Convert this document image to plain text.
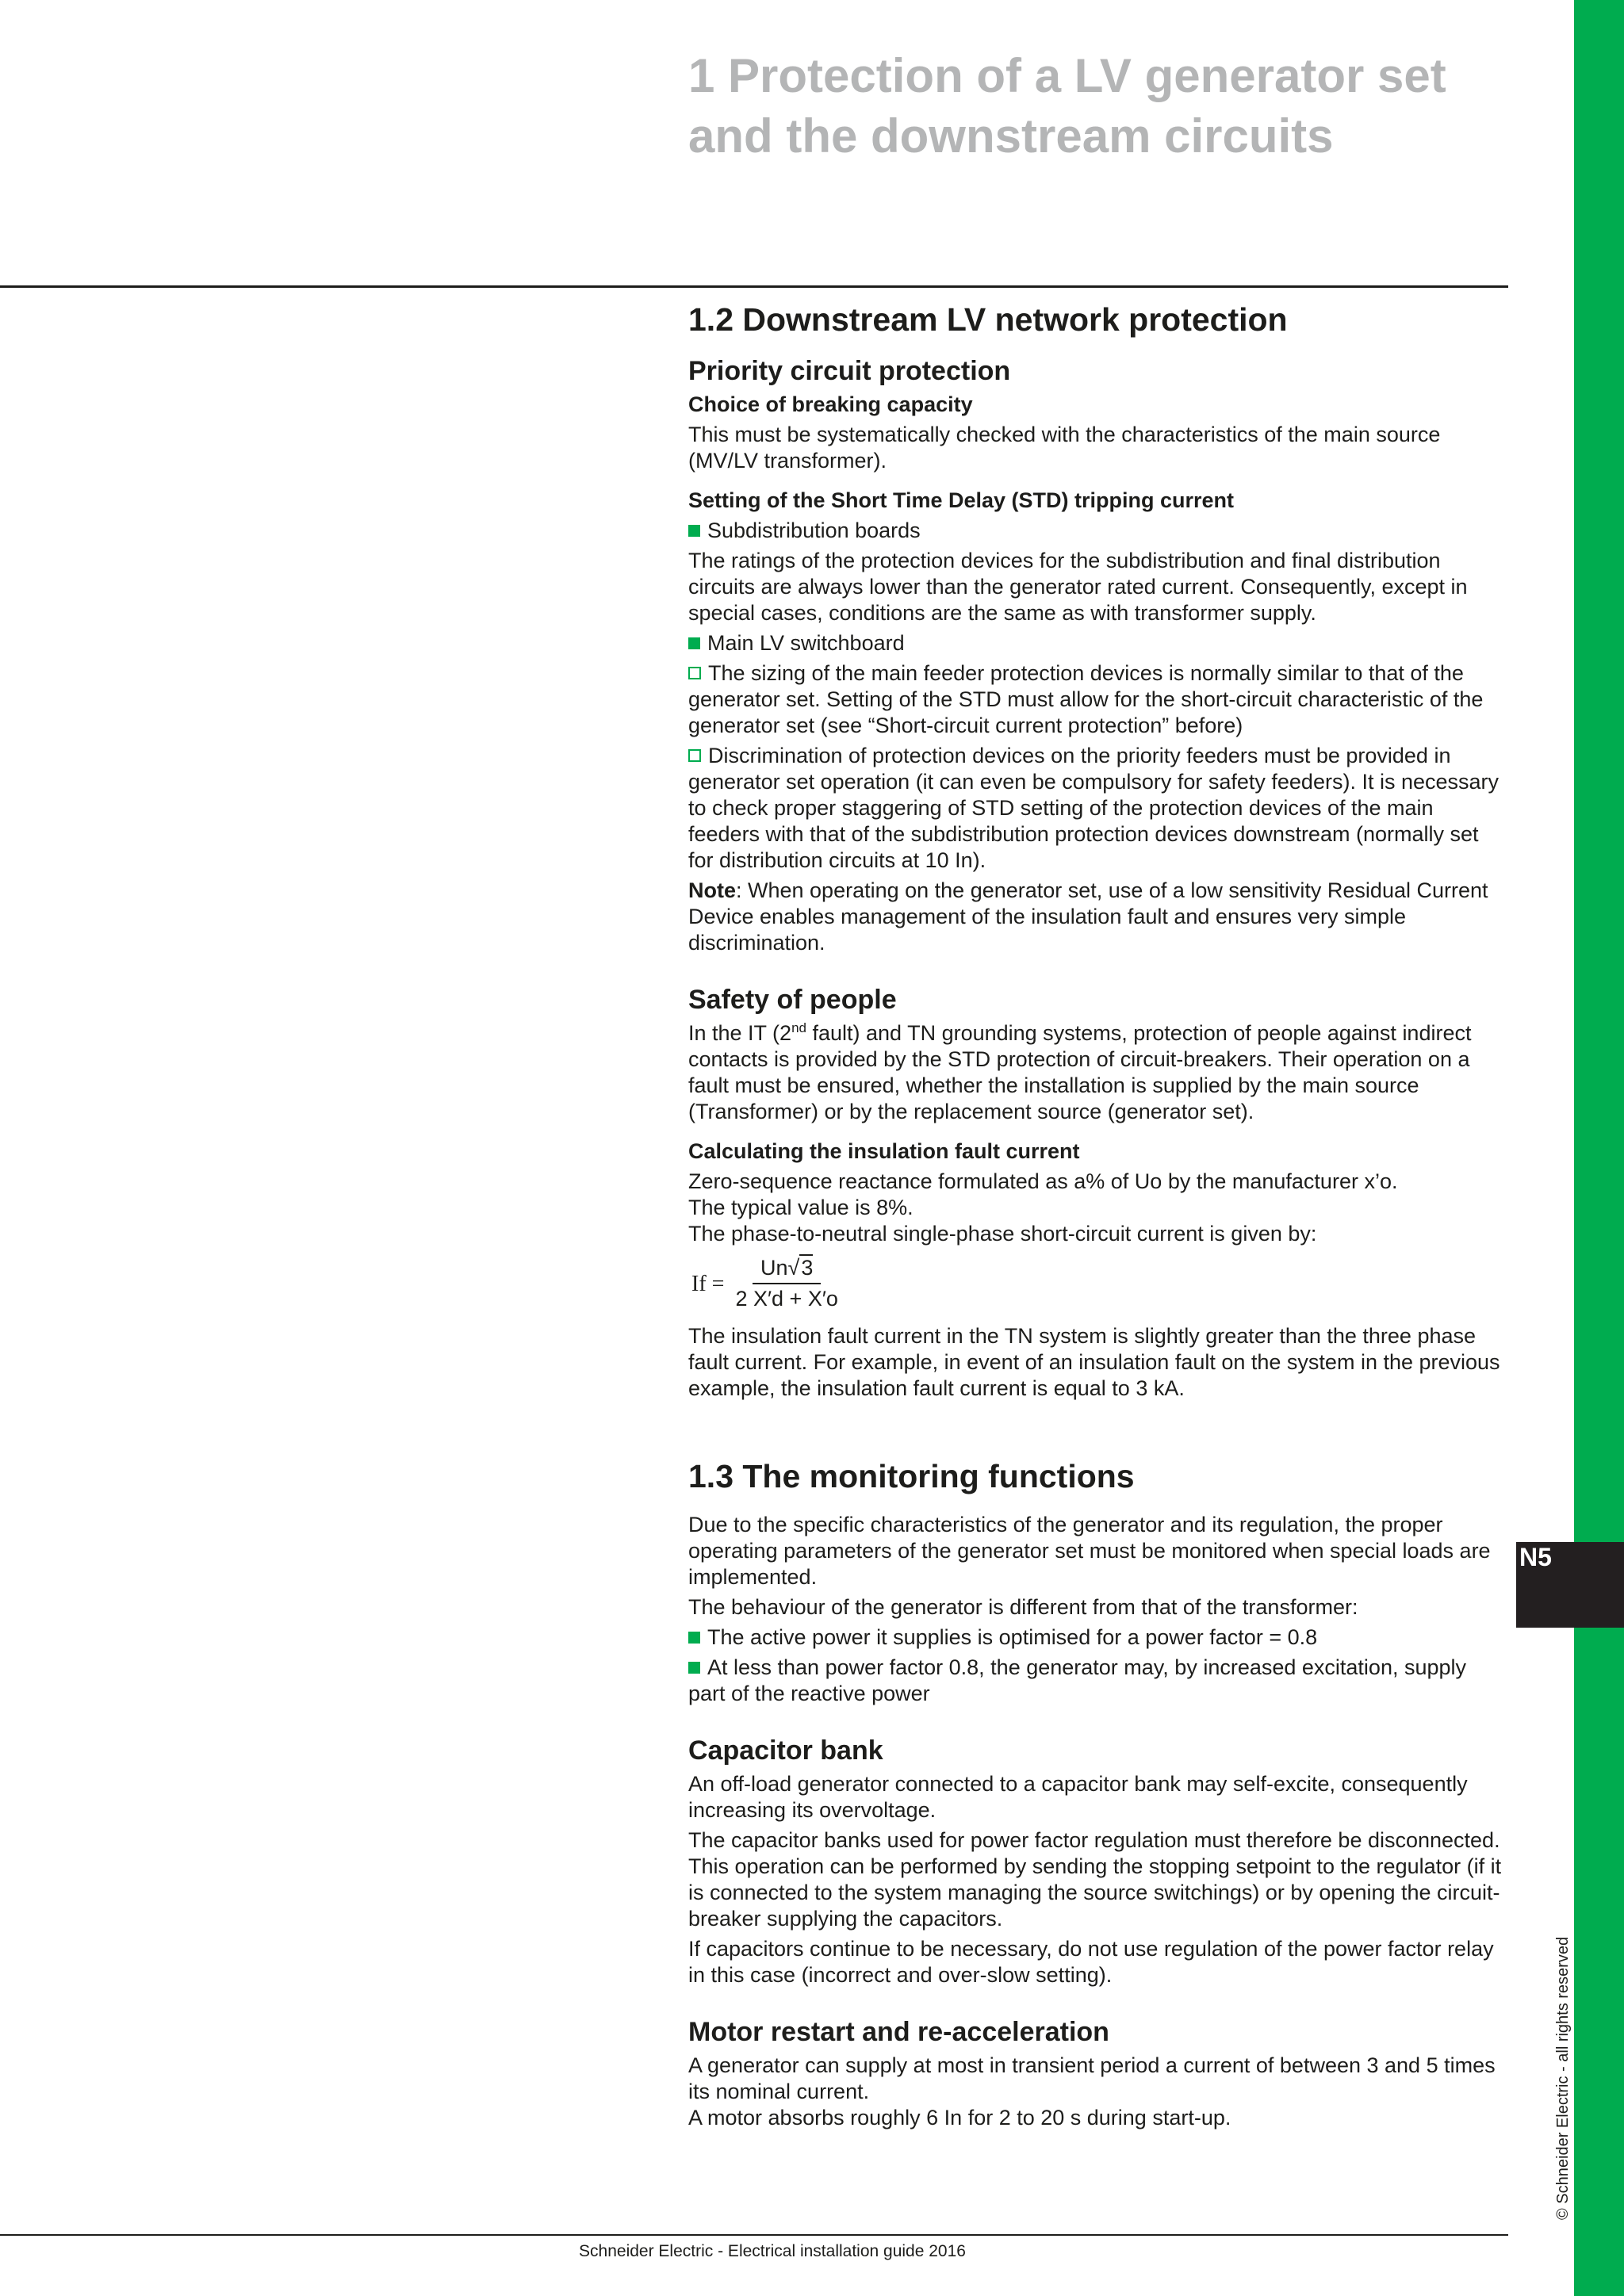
N5
© Schneider Electric - all rights reserved
1 Protection of a LV generator set and the downstream circuits
1.2 Downstream LV network protection
Priority circuit protection
Choice of breaking capacity

This must be systematically checked with the characteristics of the main source (MV/LV transformer).

Setting of the Short Time Delay (STD) tripping current

Subdistribution boards

The ratings of the protection devices for the subdistribution and final distribution circuits are always lower than the generator rated current. Consequently, except in special cases, conditions are the same as with transformer supply.

Main LV switchboard

The sizing of the main feeder protection devices is normally similar to that of the generator set. Setting of the STD must allow for the short-circuit characteristic of the generator set (see “Short-circuit current protection” before)

Discrimination of protection devices on the priority feeders must be provided in generator set operation (it can even be compulsory for safety feeders). It is necessary to check proper staggering of STD setting of the protection devices of the main feeders with that of the subdistribution protection devices downstream (normally set for distribution circuits at 10 In).

Note: When operating on the generator set, use of a low sensitivity Residual Current Device enables management of the insulation fault and ensures very simple discrimination.

Safety of people

In the IT (2nd fault) and TN grounding systems, protection of people against indirect contacts is provided by the STD protection of circuit-breakers. Their operation on a fault must be ensured, whether the installation is supplied by the main source (Transformer) or by the replacement source (generator set).

Calculating the insulation fault current
Zero-sequence reactance formulated as a% of Uo by the manufacturer x’o.
The typical value is 8%.
The phase-to-neutral single-phase short-circuit current is given by:
$If = \frac{Un√3}{2 X'd + X'o}$

The insulation fault current in the TN system is slightly greater than the three phase fault current. For example, in event of an insulation fault on the system in the previous example, the insulation fault current is equal to 3 kA.

1.3 The monitoring functions

Due to the specific characteristics of the generator and its regulation, the proper operating parameters of the generator set must be monitored when special loads are implemented.

The behaviour of the generator is different from that of the transformer:

The active power it supplies is optimised for a power factor = 0.8

At less than power factor 0.8, the generator may, by increased excitation, supply part of the reactive power

Capacitor bank

An off-load generator connected to a capacitor bank may self-excite, consequently increasing its overvoltage.

The capacitor banks used for power factor regulation must therefore be disconnected. This operation can be performed by sending the stopping setpoint to the regulator (if it is connected to the system managing the source switchings) or by opening the circuit-breaker supplying the capacitors.

If capacitors continue to be necessary, do not use regulation of the power factor relay in this case (incorrect and over-slow setting).

Motor restart and re-acceleration
A generator can supply at most in transient period a current of between 3 and 5 times its nominal current.
A motor absorbs roughly 6 In for 2 to 20 s during start-up.
Schneider Electric - Electrical installation guide 2016
